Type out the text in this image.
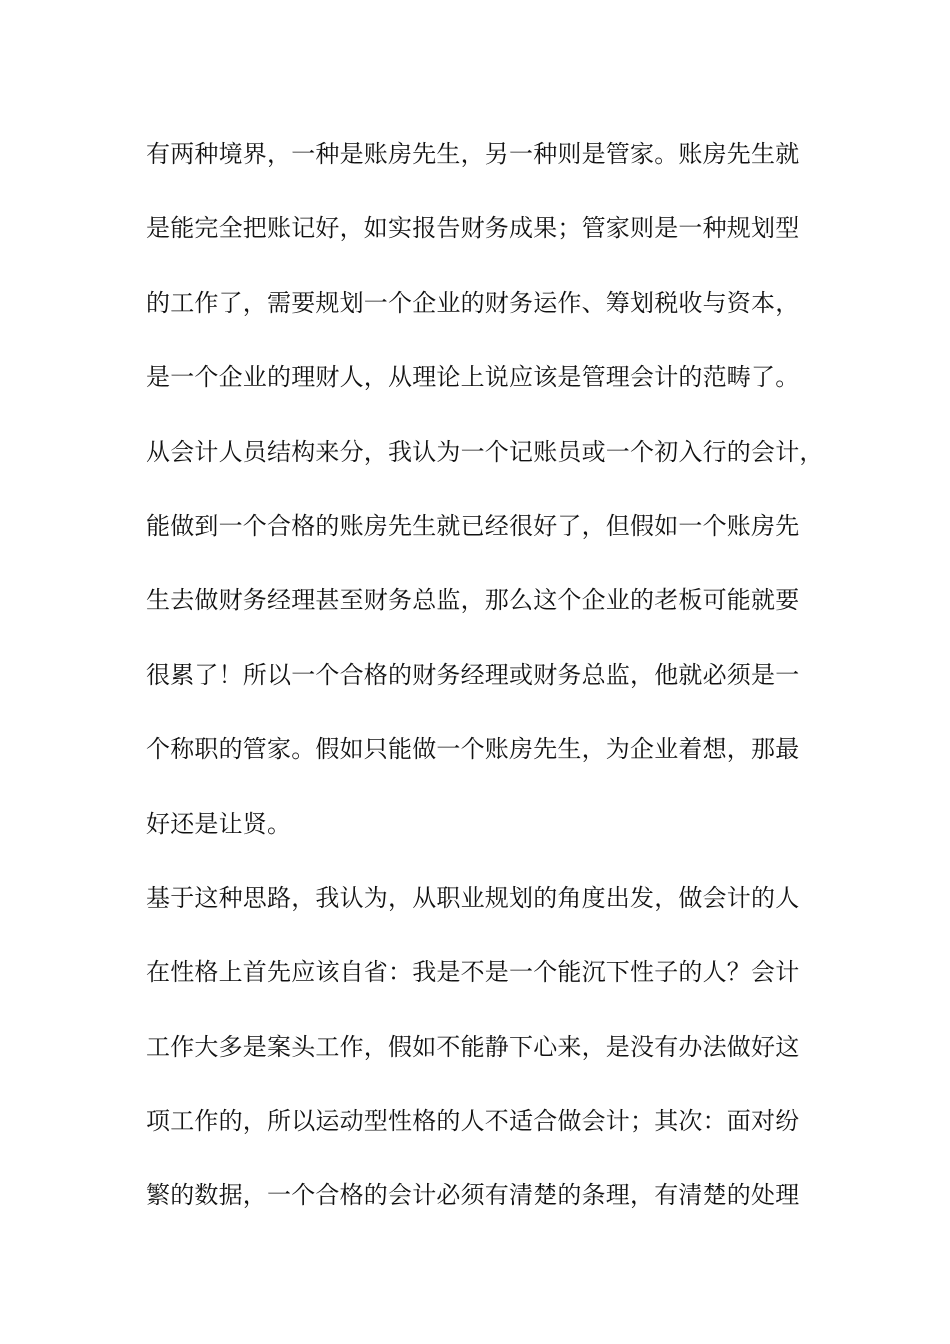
有两种境界，一种是账房先生，另一种则是管家。账房先生就
是能完全把账记好，如实报告财务成果；管家则是一种规划型
的工作了，需要规划一个企业的财务运作、筹划税收与资本，
是一个企业的理财人，从理论上说应该是管理会计的范畴了。
从会计人员结构来分，我认为一个记账员或一个初入行的会计，
能做到一个合格的账房先生就已经很好了，但假如一个账房先
生去做财务经理甚至财务总监，那么这个企业的老板可能就要
很累了！所以一个合格的财务经理或财务总监，他就必须是一
个称职的管家。假如只能做一个账房先生，为企业着想，那最
好还是让贤。
基于这种思路，我认为，从职业规划的角度出发，做会计的人
在性格上首先应该自省：我是不是一个能沉下性子的人？会计
工作大多是案头工作，假如不能静下心来，是没有办法做好这
项工作的，所以运动型性格的人不适合做会计；其次：面对纷
繁的数据，一个合格的会计必须有清楚的条理，有清楚的处理
